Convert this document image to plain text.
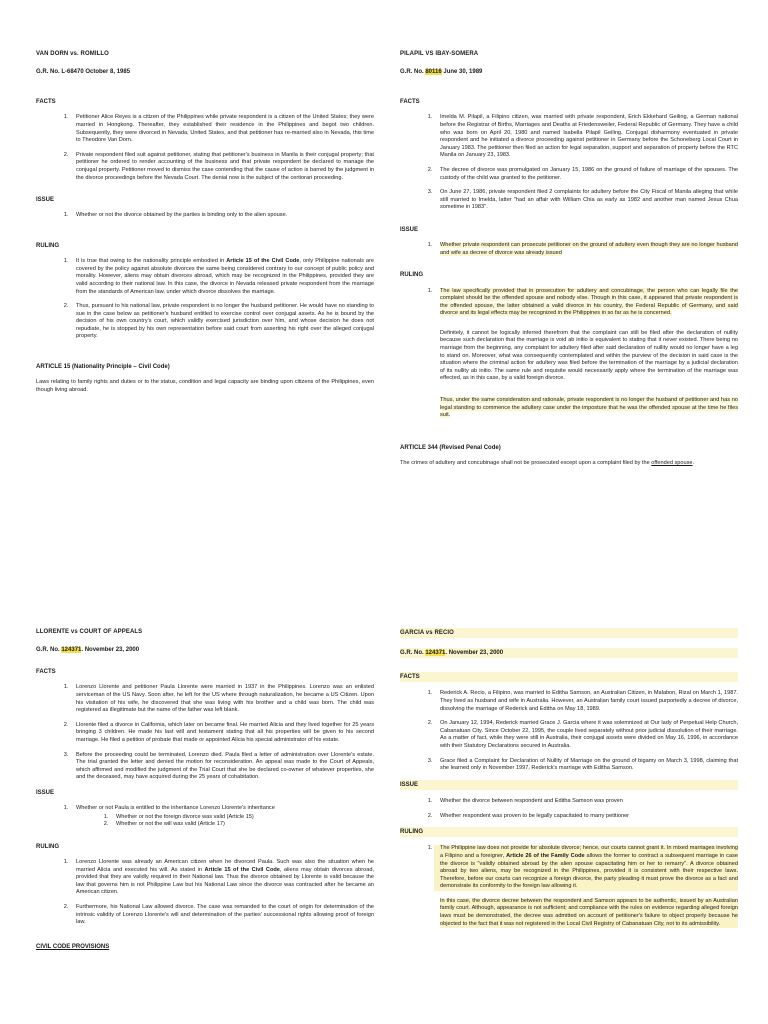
VAN DORN vs. ROMILLO
G.R. No. L-68470 October 8, 1985
FACTS
1. Petitioner Alice Reyes is a citizen of the Philippines while private respondent is a citizen of the United States; they were married in Hongkong. Thereafter, they established their residence in the Philippines and begot two children. Subsequently, they were divorced in Nevada, United States, and that petitioner has re-married also in Nevada, this time to Theodore Van Dorn.
2. Private respondent filed suit against petitioner, stating that petitioner's business in Manila is their conjugal property; that petitioner he ordered to render accounting of the business and that private respondent be declared to manage the conjugal property. Petitioner moved to dismiss the case contending that the cause of action is barred by the judgment in the divorce proceedings before the Nevada Court. The denial now is the subject of the certiorari proceeding.
ISSUE
1. Whether or not the divorce obtained by the parties is binding only to the alien spouse.
RULING
1. It is true that owing to the nationality principle embodied in Article 15 of the Civil Code, only Philippine nationals are covered by the policy against absolute divorces the same being considered contrary to our concept of public policy and morality. However, aliens may obtain divorces abroad, which may be recognized in the Philippines, provided they are valid according to their national law. In this case, the divorce in Nevada released private respondent from the marriage from the standards of American law, under which divorce dissolves the marriage.
2. Thus, pursuant to his national law, private respondent is no longer the husband petitioner. He would have no standing to sue in the case below as petitioner's husband entitled to exercise control over conjugal assets. As he is bound by the decision of his own country's court, which validly exercised jurisdiction over him, and whose decision he does not repudiate, he is stopped by his own representation before said court from asserting his right over the alleged conjugal property.
ARTICLE 15 (Nationality Principle – Civil Code)
Laws relating to family rights and duties or to the status, condition and legal capacity are binding upon citizens of the Philippines, even though living abroad.
PILAPIL VS IBAY-SOMERA
G.R. No. 80116 June 30, 1989
FACTS
1. Imelda M. Pilapil, a Filipino citizen, was married with private respondent, Erich Ekkehard Geiling, a German national before the Registrar of Births, Marriages and Deaths at Friedensweiler, Federal Republic of Germany. They have a child who was born on April 20, 1980 and named Isabella Pilapil Geiling. Conjugal disharmony eventuated in private respondent and he initiated a divorce proceeding against petitioner in Germany before the Schoneberg Local Court in January 1983. The petitioner then filed an action for legal separation, support and separation of property before the RTC Manila on January 23, 1983.
2. The decree of divorce was promulgated on January 15, 1986 on the ground of failure of marriage of the spouses. The custody of the child was granted to the petitioner.
3. On June 27, 1986, private respondent filed 2 complaints for adultery before the City Fiscal of Manila alleging that while still married to Imelda, latter "had an affair with William Chia as early as 1982 and another man named Jesus Chua sometime in 1983".
ISSUE
1. Whether private respondent can prosecute petitioner on the ground of adultery even though they are no longer husband and wife as decree of divorce was already issued
RULING
1. The law specifically provided that in prosecution for adultery and concubinage, the person who can legally file the complaint should be the offended spouse and nobody else. Though in this case, it appeared that private respondent is the offended spouse, the latter obtained a valid divorce in his country, the Federal Republic of Germany, and said divorce and its legal effects may be recognized in the Philippines in so far as he is concerned.
Definitely, it cannot be logically inferred therefrom that the complaint can still be filed after the declaration of nullity because such declaration that the marriage is void ab initio is equivalent to stating that it never existed. There being no marriage from the beginning, any complaint for adultery filed after said declaration of nullity would no longer have a leg to stand on. Moreover, what was consequently contemplated and within the purview of the decision in said case is the situation where the criminal action for adultery was filed before the termination of the marriage by a judicial declaration of its nullity ab initio. The same rule and requisite would necessarily apply where the termination of the marriage was effected, as in this case, by a valid foreign divorce.
Thus, under the same consideration and rationale, private respondent is no longer the husband of petitioner and has no legal standing to commence the adultery case under the imposture that he was the offended spouse at the time he files suit.
ARTICLE 344 (Revised Penal Code)
The crimes of adultery and concubinage shall not be prosecuted except upon a complaint filed by the offended spouse.
LLORENTE vs COURT OF APPEALS
G.R. No. 124371. November 23, 2000
FACTS
1. Lorenzo Llorente and petitioner Paula Llorente were married in 1937 in the Philippines. Lorenzo was an enlisted serviceman of the US Navy. Soon after, he left for the US where through naturalization, he became a US Citizen. Upon his visitation of his wife, he discovered that she was living with his brother and a child was born. The child was registered as illegitimate but the name of the father was left blank.
2. Llorente filed a divorce in California, which later on became final. He married Alicia and they lived together for 25 years bringing 3 children. He made his last will and testament stating that all his properties will be given to his second marriage. He filed a petition of probate that made or appointed Alicia his special administrator of his estate.
3. Before the proceeding could be terminated, Lorenzo died. Paula filed a letter of administration over Llorente's estate. The trial granted the letter and denied the motion for reconsideration. An appeal was made to the Court of Appeals, which affirmed and modified the judgment of the Trial Court that she be declared co-owner of whatever properties, she and the deceased, may have acquired during the 25 years of cohabitation.
ISSUE
1. Whether or not Paula is entitled to the inheritance Lorenzo Llorente's inheritance
1. Whether or not the foreign divorce was valid (Article 15)
2. Whether or not the will was valid (Article 17)
RULING
1. Lorenzo Llorente was already an American citizen when he divorced Paula. Such was also the situation when he married Alicia and executed his will. As stated in Article 15 of the Civil Code, aliens may obtain divorces abroad, provided that they are validly required in their National law. Thus the divorce obtained by Llorente is valid because the law that governs him is not Philippine Law but his National Law since the divorce was contracted after he became an American citizen.
2. Furthermore, his National Law allowed divorce. The case was remanded to the court of origin for determination of the intrinsic validity of Lorenzo Llorente's will and determination of the parties' successional rights allowing proof of foreign law.
CIVIL CODE PROVISIONS
GARCIA vs RECIO
G.R. No. 124371. November 23, 2000
FACTS
1. Rederick A. Recio, a Filipino, was married to Editha Samson, an Australian Citizen, in Malabon, Rizal on March 1, 1987. They lived as husband and wife in Australia. However, an Australian family court issued purportedly a decree of divorce, dissolving the marriage of Rederick and Editha on May 18, 1989.
2. On January 12, 1994, Rederick married Grace J. Garcia where it was solemnized at Our lady of Perpetual Help Church, Cabanatuan City. Since October 22, 1995, the couple lived separately without prior judicial dissolution of their marriage. As a matter of fact, while they were still in Australia, their conjugal assets were divided on May 16, 1996, in accordance with their Statutory Declarations secured in Australia.
3. Grace filed a Complaint for Declaration of Nullity of Marriage on the ground of bigamy on March 3, 1998, claiming that she learned only in November 1997, Rederick's marriage with Editha Samson.
ISSUE
1. Whether the divorce between respondent and Editha Samson was proven
2. Whether respondent was proven to be legally capacitated to marry petitioner
RULING
1. The Philippine law does not provide for absolute divorce; hence, our courts cannot grant it. In mixed marriages involving a Filipino and a foreigner, Article 26 of the Family Code allows the former to contract a subsequent marriage in case the divorce is "validly obtained abroad by the alien spouse capacitating him or her to remarry". A divorce obtained abroad by two aliens, may be recognized in the Philippines, provided it is consistent with their respective laws. Therefore, before our courts can recognize a foreign divorce, the party pleading it must prove the divorce as a fact and demonstrate its conformity to the foreign law allowing it.
In this case, the divorce decree between the respondent and Samson appears to be authentic, issued by an Australian family court. Although, appearance is not sufficient; and compliance with the rules on evidence regarding alleged foreign laws must be demonstrated, the decree was admitted on account of petitioner's failure to object properly because he objected to the fact that it was not registered in the Local Civil Registry of Cabanatuan City, not to its admissibility.
